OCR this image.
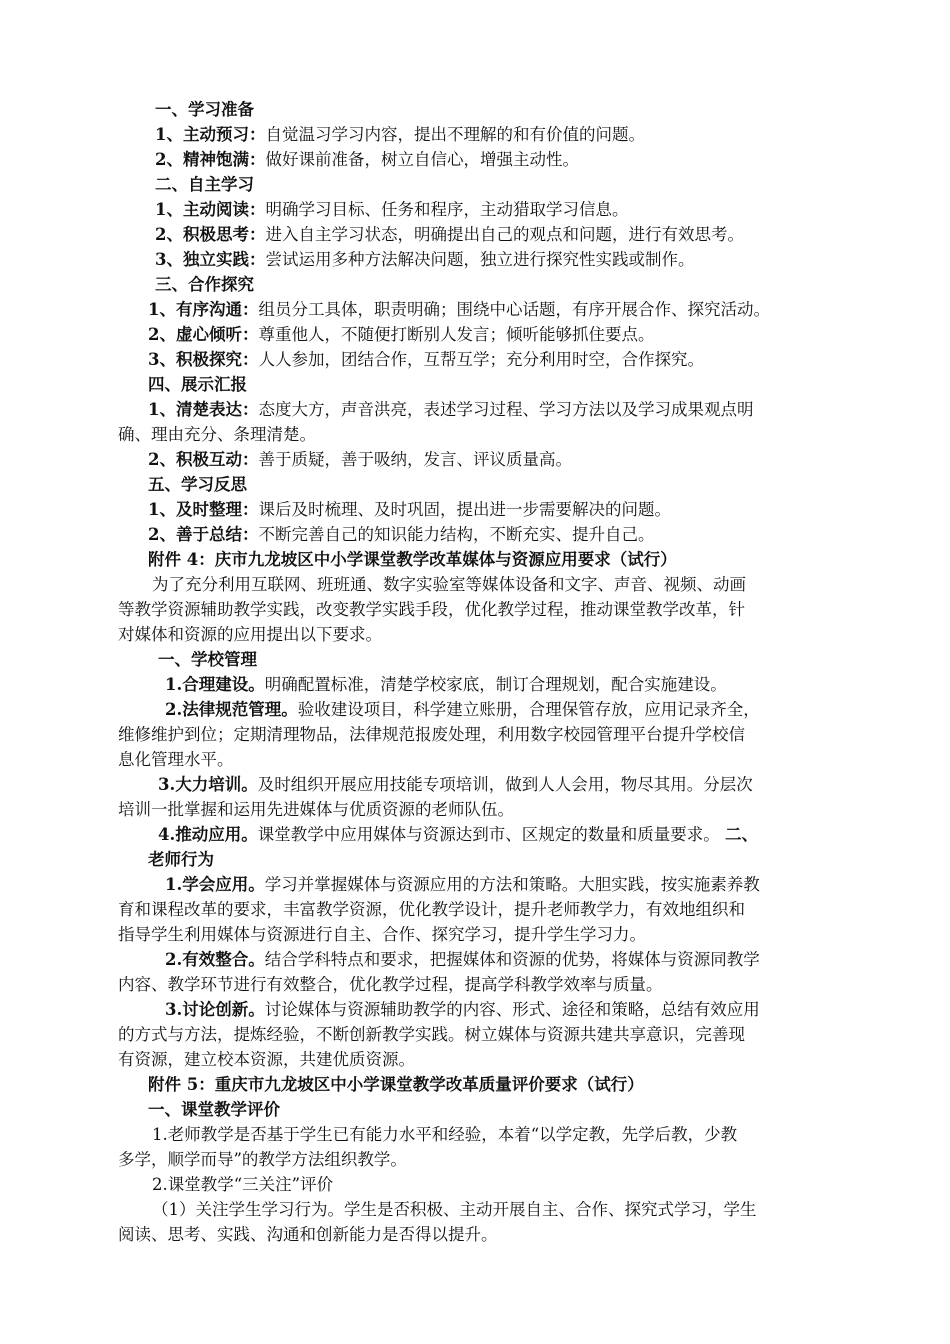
一、学习准备
1、主动预习：自觉温习学习内容，提出不理解的和有价值的问题。
2、精神饱满：做好课前准备，树立自信心，增强主动性。
二、自主学习
1、主动阅读：明确学习目标、任务和程序，主动猎取学习信息。
2、积极思考：进入自主学习状态，明确提出自己的观点和问题，进行有效思考。
3、独立实践：尝试运用多种方法解决问题，独立进行探究性实践或制作。
三、合作探究
1、有序沟通：组员分工具体，职责明确；围绕中心话题，有序开展合作、探究活动。
2、虚心倾听：尊重他人，不随便打断别人发言；倾听能够抓住要点。
3、积极探究：人人参加，团结合作，互帮互学；充分利用时空，合作探究。
四、展示汇报
1、清楚表达：态度大方，声音洪亮，表述学习过程、学习方法以及学习成果观点明
确、理由充分、条理清楚。
2、积极互动：善于质疑，善于吸纳，发言、评议质量高。
五、学习反思
1、及时整理：课后及时梳理、及时巩固，提出进一步需要解决的问题。
2、善于总结：不断完善自己的知识能力结构，不断充实、提升自己。
附件 4：庆市九龙坡区中小学课堂教学改革媒体与资源应用要求（试行）
为了充分利用互联网、班班通、数字实验室等媒体设备和文字、声音、视频、动画
等教学资源辅助教学实践，改变教学实践手段，优化教学过程，推动课堂教学改革，针
对媒体和资源的应用提出以下要求。
一、学校管理
1.合理建设。明确配置标准，清楚学校家底，制订合理规划，配合实施建设。
2.法律规范管理。验收建设项目，科学建立账册，合理保管存放，应用记录齐全，
维修维护到位；定期清理物品，法律规范报废处理，利用数字校园管理平台提升学校信
息化管理水平。
3.大力培训。及时组织开展应用技能专项培训，做到人人会用，物尽其用。分层次
培训一批掌握和运用先进媒体与优质资源的老师队伍。
4.推动应用。课堂教学中应用媒体与资源达到市、区规定的数量和质量要求。 二、
老师行为
1.学会应用。学习并掌握媒体与资源应用的方法和策略。大胆实践，按实施素养教
育和课程改革的要求，丰富教学资源，优化教学设计，提升老师教学力，有效地组织和
指导学生利用媒体与资源进行自主、合作、探究学习，提升学生学习力。
2.有效整合。结合学科特点和要求，把握媒体和资源的优势，将媒体与资源同教学
内容、教学环节进行有效整合，优化教学过程，提高学科教学效率与质量。
3.讨论创新。讨论媒体与资源辅助教学的内容、形式、途径和策略，总结有效应用
的方式与方法，提炼经验，不断创新教学实践。树立媒体与资源共建共享意识，完善现
有资源，建立校本资源，共建优质资源。
附件 5：重庆市九龙坡区中小学课堂教学改革质量评价要求（试行）
一、课堂教学评价
1.老师教学是否基于学生已有能力水平和经验，本着“以学定教，先学后教，少教
多学，顺学而导”的教学方法组织教学。
2.课堂教学“三关注”评价
（1）关注学生学习行为。学生是否积极、主动开展自主、合作、探究式学习，学生
阅读、思考、实践、沟通和创新能力是否得以提升。
